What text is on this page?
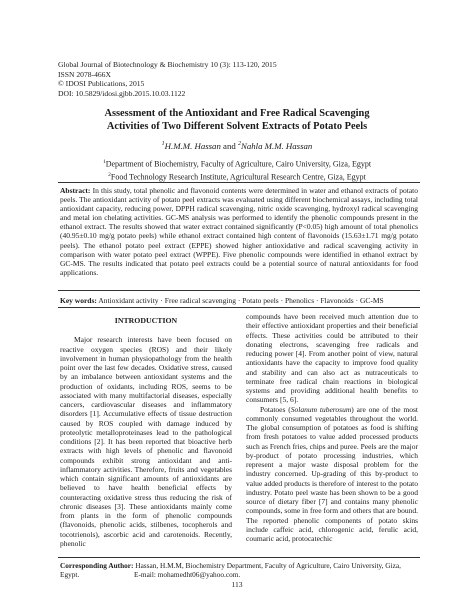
Global Journal of Biotechnology & Biochemistry 10 (3): 113-120, 2015
ISSN 2078-466X
© IDOSI Publications, 2015
DOI: 10.5829/idosi.gjbb.2015.10.03.1122
Assessment of the Antioxidant and Free Radical Scavenging
Activities of Two Different Solvent Extracts of Potato Peels
$^1$H.M.M. Hassan and $^2$Nahla M.M. Hassan
$^1$Department of Biochemistry, Faculty of Agriculture, Cairo University, Giza, Egypt
$^2$Food Technology Research Institute, Agricultural Research Centre, Giza, Egypt
Abstract: In this study, total phenolic and flavonoid contents were determined in water and ethanol extracts of potato peels. The antioxidant activity of potato peel extracts was evaluated using different biochemical assays, including total antioxidant capacity, reducing power, DPPH radical scavenging, nitric oxide scavenging, hydroxyl radical scavenging and metal ion chelating activities. GC-MS analysis was performed to identify the phenolic compounds present in the ethanol extract. The results showed that water extract contained significantly (P<0.05) high amount of total phenolics (40.95±0.10 mg/g potato peels) while ethanol extract contained high content of flavonoids (15.63±1.71 mg/g potato peels). The ethanol potato peel extract (EPPE) showed higher antioxidative and radical scavenging activity in comparison with water potato peel extract (WPPE). Five phenolic compounds were identified in ethanol extract by GC-MS. The results indicated that potato peel extracts could be a potential source of natural antioxidants for food applications.
Key words: Antioxidant activity · Free radical scavenging · Potato peels · Phenolics · Flavonoids · GC-MS
INTRODUCTION

Major research interests have been focused on reactive oxygen species (ROS) and their likely involvement in human physiopathology from the health point over the last few decades. Oxidative stress, caused by an imbalance between antioxidant systems and the production of oxidants, including ROS, seems to be associated with many multifactorial diseases, especially cancers, cardiovascular diseases and inflammatory disorders [1]. Accumulative effects of tissue destruction caused by ROS coupled with damage induced by proteolytic metalloproteinases lead to the pathological conditions [2]. It has been reported that bioactive herb extracts with high levels of phenolic and flavonoid compounds exhibit strong antioxidant and anti-inflammatory activities. Therefore, fruits and vegetables which contain significant amounts of antioxidants are believed to have health beneficial effects by counteracting oxidative stress thus reducing the risk of chronic diseases [3]. These antioxidants mainly come from plants in the form of phenolic compounds (flavonoids, phenolic acids, stilbenes, tocopherols and tocotrienols), ascorbic acid and carotenoids. Recently, phenolic

compounds have been received much attention due to their effective antioxidant properties and their beneficial effects. These activities could be attributed to their donating electrons, scavenging free radicals and reducing power [4]. From another point of view, natural antioxidants have the capacity to improve food quality and stability and can also act as nutraceuticals to terminate free radical chain reactions in biological systems and providing additional health benefits to consumers [5, 6].

Potatoes (Solanum tuberosum) are one of the most commonly consumed vegetables throughout the world. The global consumption of potatoes as food is shifting from fresh potatoes to value added processed products such as French fries, chips and puree. Peels are the major by-product of potato processing industries, which represent a major waste disposal problem for the industry concerned. Up-grading of this by-product to value added products is therefore of interest to the potato industry. Potato peel waste has been shown to be a good source of dietary fiber [7] and contains many phenolic compounds, some in free form and others that are bound. The reported phenolic components of potato skins include caffeic acid, chlorogenic acid, ferulic acid, coumaric acid, protocatechic

Corresponding Author: Hassan, H.M.M, Biochemistry Department, Faculty of Agriculture, Cairo University, Giza, Egypt.	E-mail: mohamedht06@yahoo.com.
113
